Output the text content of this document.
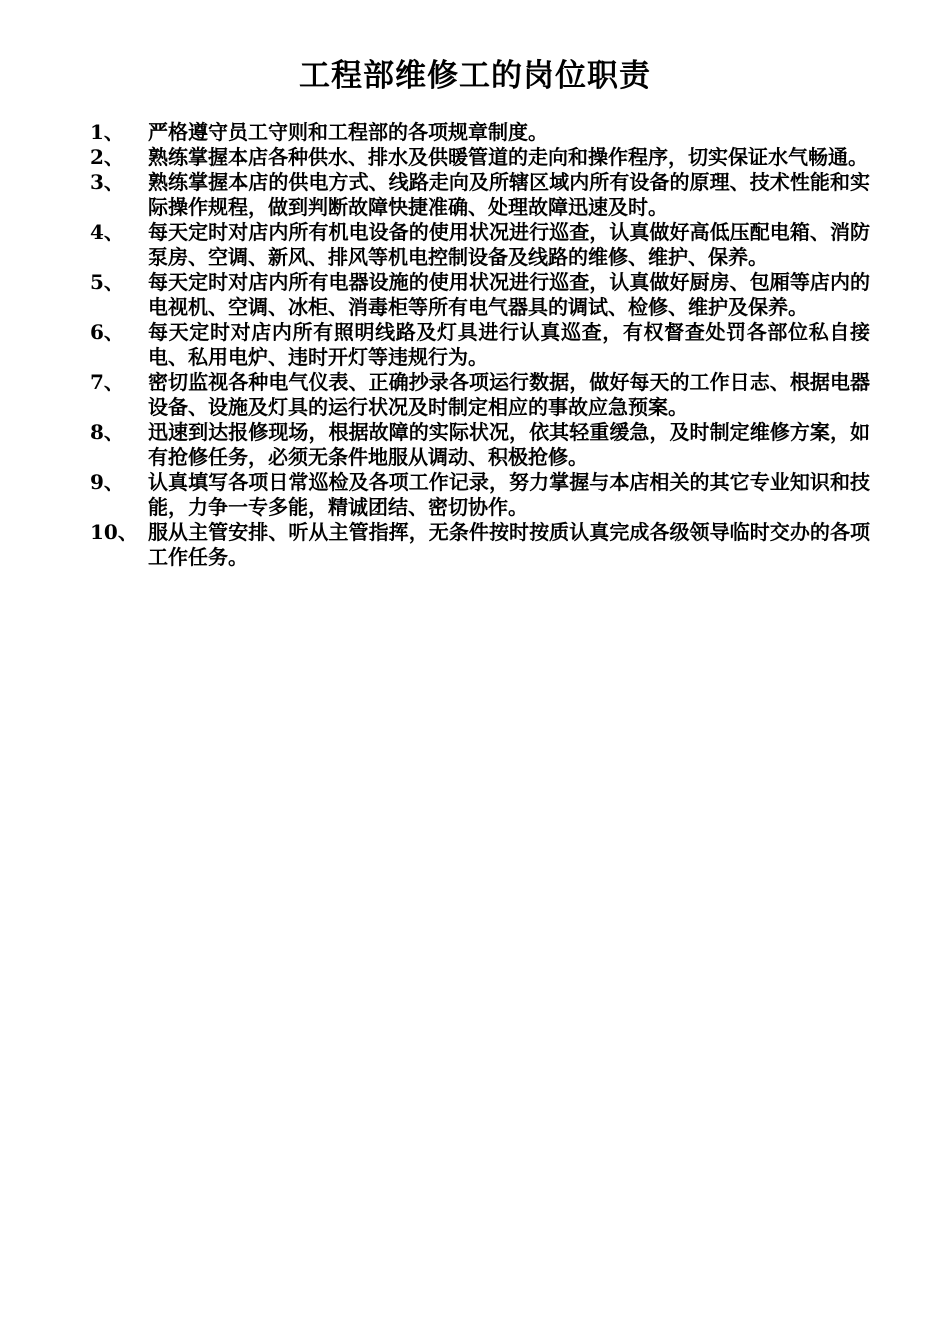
工程部维修工的岗位职责
1、	严格遵守员工守则和工程部的各项规章制度。
2、	熟练掌握本店各种供水、排水及供暖管道的走向和操作程序，切实保证水气畅通。
3、	熟练掌握本店的供电方式、线路走向及所辖区域内所有设备的原理、技术性能和实际操作规程，做到判断故障快捷准确、处理故障迅速及时。
4、	每天定时对店内所有机电设备的使用状况进行巡查，认真做好高低压配电箱、消防泵房、空调、新风、排风等机电控制设备及线路的维修、维护、保养。
5、	每天定时对店内所有电器设施的使用状况进行巡查，认真做好厨房、包厢等店内的电视机、空调、冰柜、消毒柜等所有电气器具的调试、检修、维护及保养。
6、	每天定时对店内所有照明线路及灯具进行认真巡查，有权督查处罚各部位私自接电、私用电炉、违时开灯等违规行为。
7、	密切监视各种电气仪表、正确抄录各项运行数据，做好每天的工作日志、根据电器设备、设施及灯具的运行状况及时制定相应的事故应急预案。
8、	迅速到达报修现场，根据故障的实际状况，依其轻重缓急，及时制定维修方案，如有抢修任务，必须无条件地服从调动、积极抢修。
9、	认真填写各项日常巡检及各项工作记录，努力掌握与本店相关的其它专业知识和技能，力争一专多能，精诚团结、密切协作。
10、 服从主管安排、听从主管指挥，无条件按时按质认真完成各级领导临时交办的各项工作任务。
